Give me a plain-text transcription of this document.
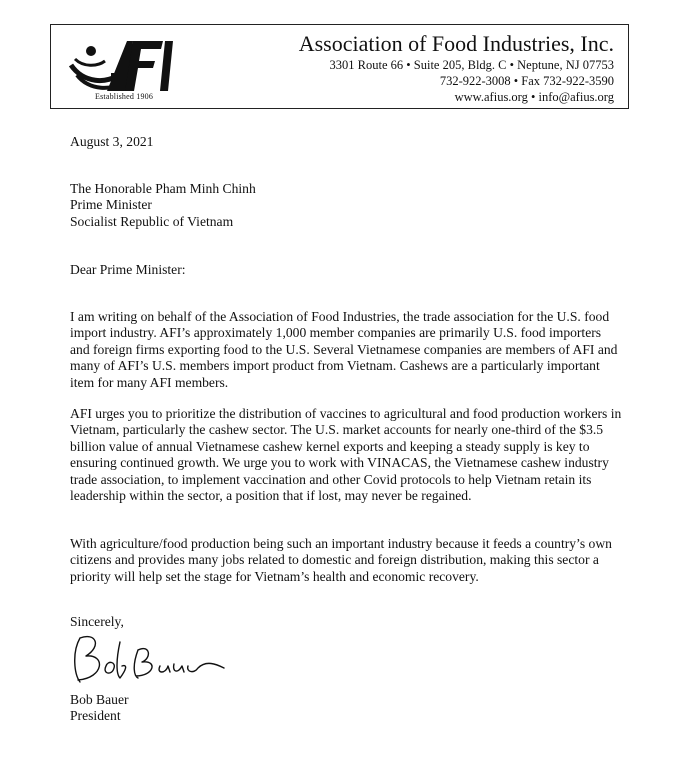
Established 1906
Association of Food Industries, Inc.
3301 Route 66 • Suite 205, Bldg. C • Neptune, NJ 07753
732-922-3008 • Fax 732-922-3590
www.afius.org • info@afius.org
August 3, 2021
The Honorable Pham Minh Chinh
Prime Minister
Socialist Republic of Vietnam
Dear Prime Minister:
I am writing on behalf of the Association of Food Industries, the trade association for the U.S. food import industry. AFI’s approximately 1,000 member companies are primarily U.S. food importers and foreign firms exporting food to the U.S. Several Vietnamese companies are members of AFI and many of AFI’s U.S. members import product from Vietnam. Cashews are a particularly important item for many AFI members.
AFI urges you to prioritize the distribution of vaccines to agricultural and food production workers in Vietnam, particularly the cashew sector. The U.S. market accounts for nearly one-third of the $3.5 billion value of annual Vietnamese cashew kernel exports and keeping a steady supply is key to ensuring continued growth. We urge you to work with VINACAS, the Vietnamese cashew industry trade association, to implement vaccination and other Covid protocols to help Vietnam retain its leadership within the sector, a position that if lost, may never be regained.
With agriculture/food production being such an important industry because it feeds a country’s own citizens and provides many jobs related to domestic and foreign distribution, making this sector a priority will help set the stage for Vietnam’s health and economic recovery.
Sincerely,
Bob Bauer
President
